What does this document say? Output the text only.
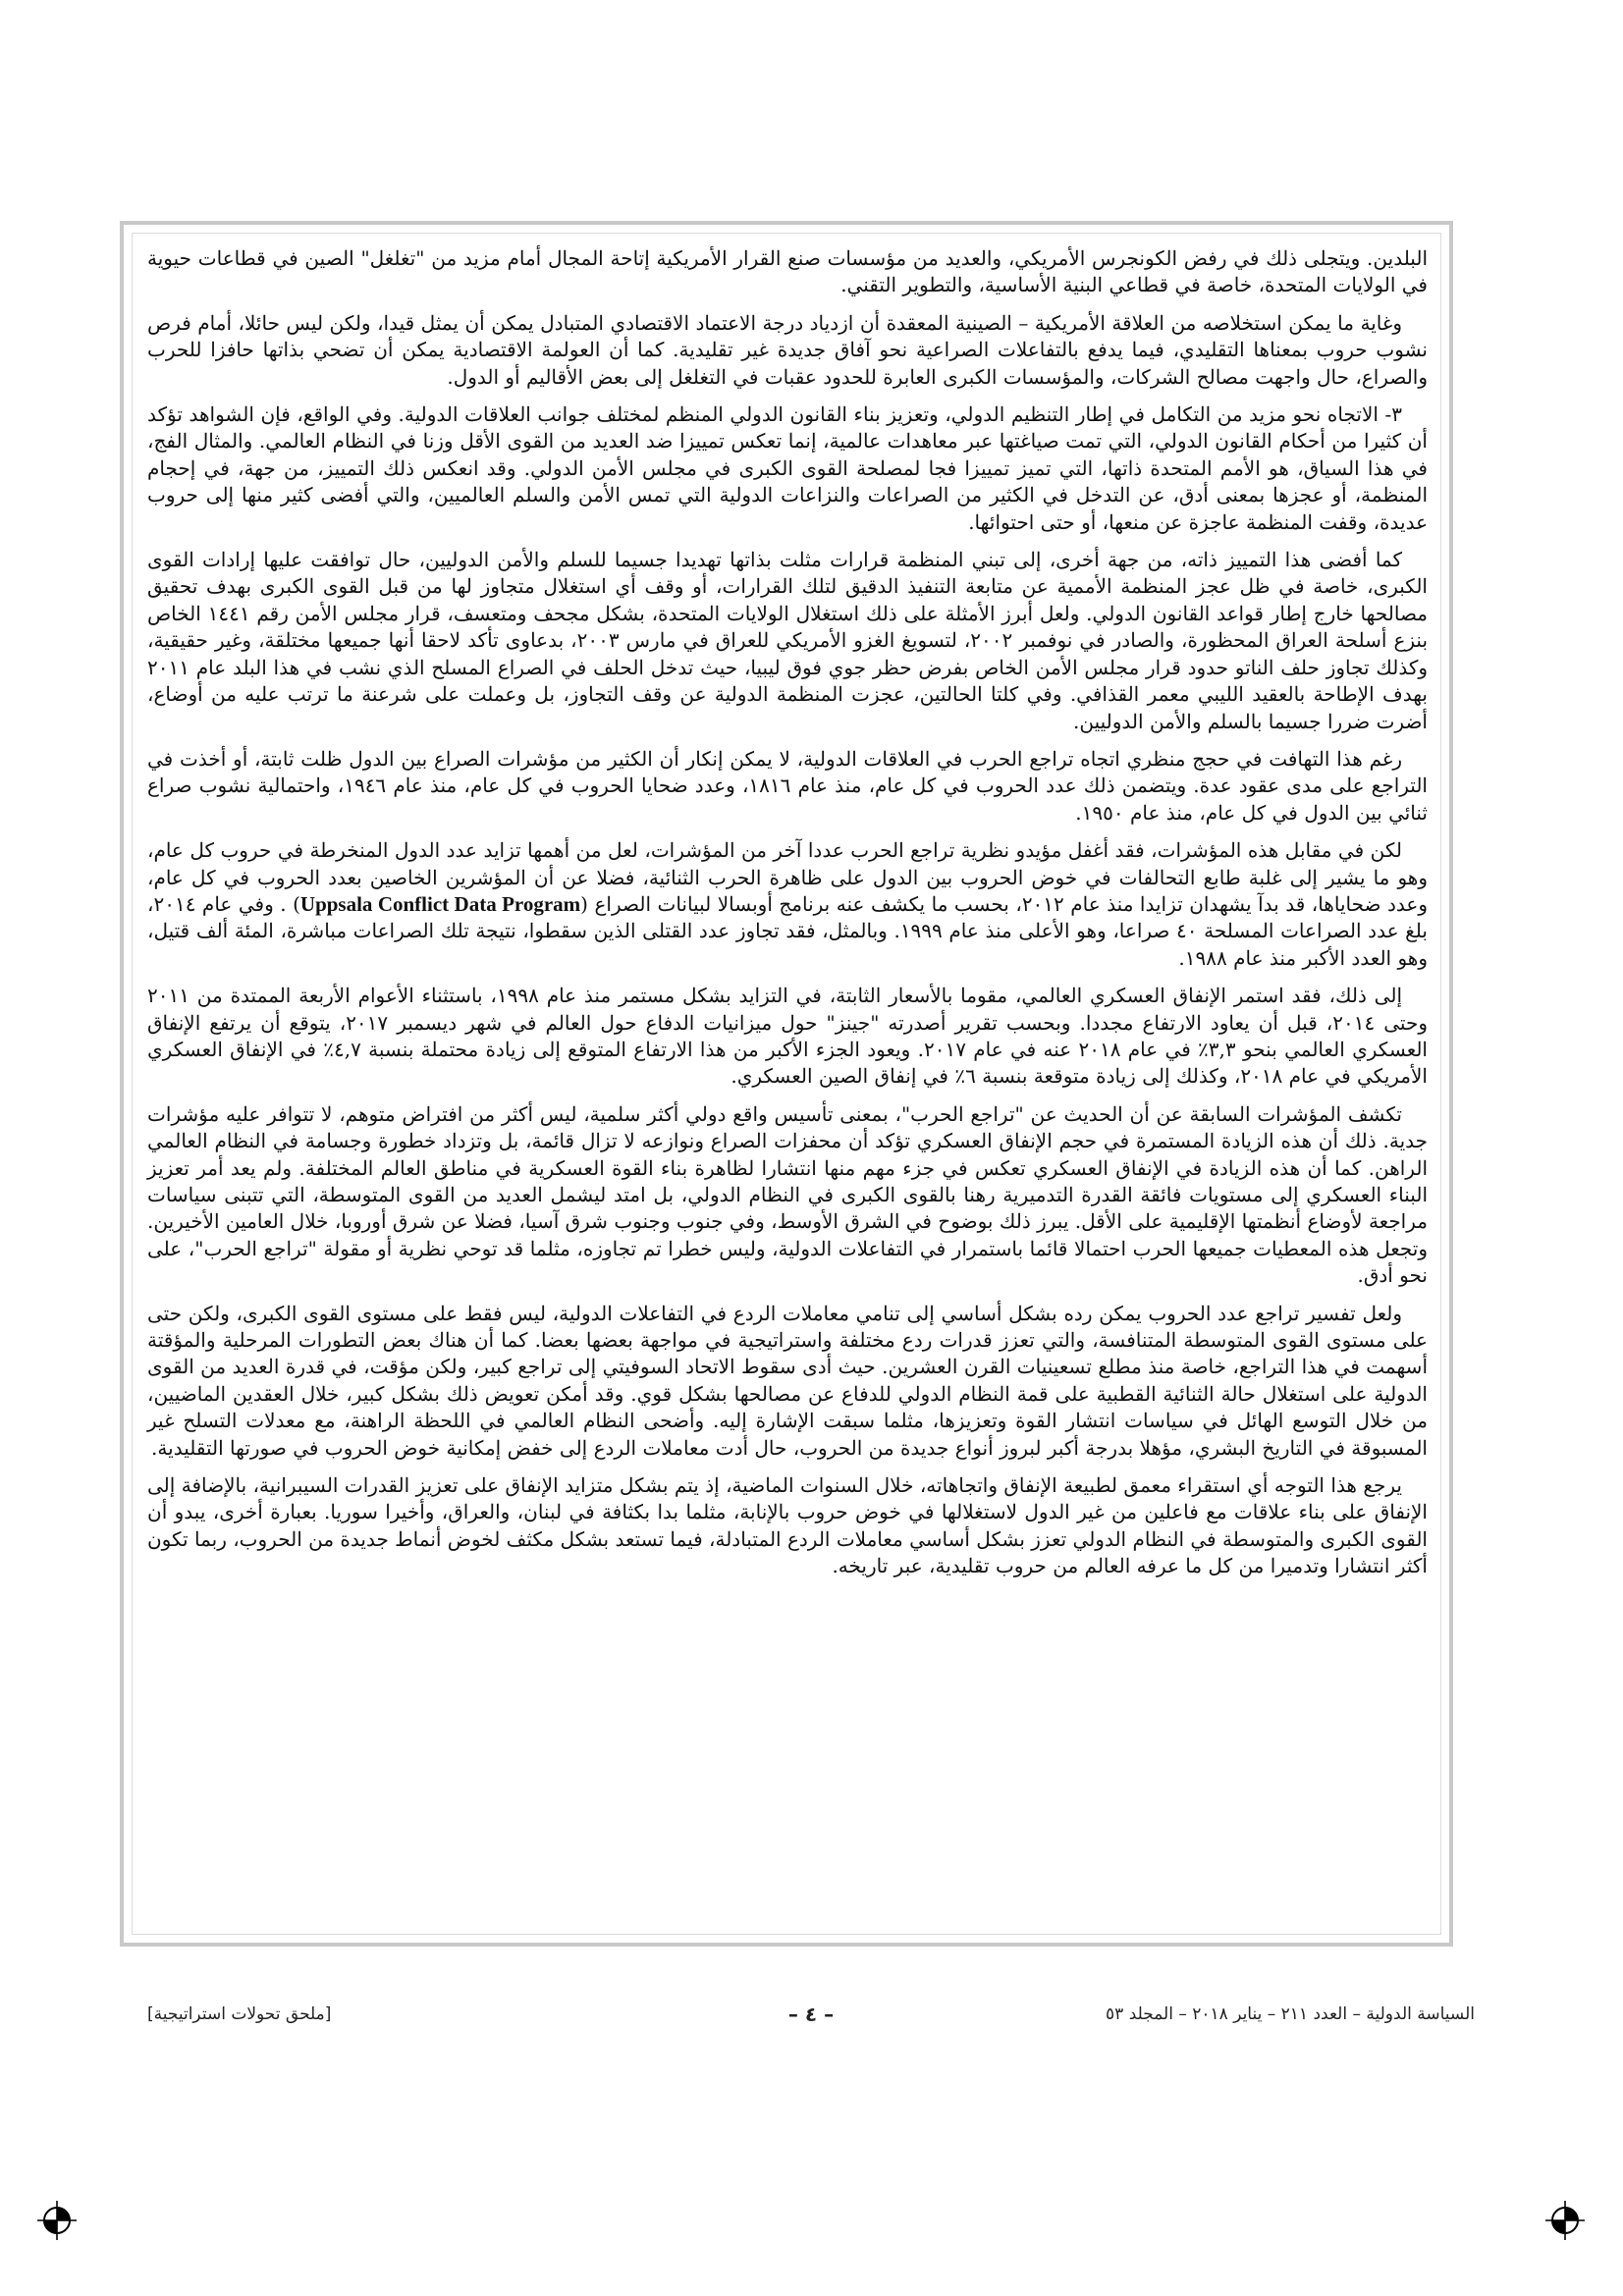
البلدين. ويتجلى ذلك في رفض الكونجرس الأمريكي، والعديد من مؤسسات صنع القرار الأمريكية إتاحة المجال أمام مزيد من "تغلغل" الصين في قطاعات حيوية في الولايات المتحدة، خاصة في قطاعي البنية الأساسية، والتطوير التقني.

وغاية ما يمكن استخلاصه من العلاقة الأمريكية – الصينية المعقدة أن ازدياد درجة الاعتماد الاقتصادي المتبادل يمكن أن يمثل قيدا، ولكن ليس حائلا، أمام فرص نشوب حروب بمعناها التقليدي، فيما يدفع بالتفاعلات الصراعية نحو آفاق جديدة غير تقليدية. كما أن العولمة الاقتصادية يمكن أن تضحي بذاتها حافزا للحرب والصراع، حال واجهت مصالح الشركات، والمؤسسات الكبرى العابرة للحدود عقبات في التغلغل إلى بعض الأقاليم أو الدول.

٣- الاتجاه نحو مزيد من التكامل في إطار التنظيم الدولي، وتعزيز بناء القانون الدولي المنظم لمختلف جوانب العلاقات الدولية. وفي الواقع، فإن الشواهد تؤكد أن كثيرا من أحكام القانون الدولي، التي تمت صياغتها عبر معاهدات عالمية، إنما تعكس تمييزا ضد العديد من القوى الأقل وزنا في النظام العالمي. والمثال الفج، في هذا السياق، هو الأمم المتحدة ذاتها، التي تميز تمييزا فجا لمصلحة القوى الكبرى في مجلس الأمن الدولي. وقد انعكس ذلك التمييز، من جهة، في إحجام المنظمة، أو عجزها بمعنى أدق، عن التدخل في الكثير من الصراعات والنزاعات الدولية التي تمس الأمن والسلم العالميين، والتي أفضى كثير منها إلى حروب عديدة، وقفت المنظمة عاجزة عن منعها، أو حتى احتوائها.

كما أفضى هذا التمييز ذاته، من جهة أخرى، إلى تبني المنظمة قرارات مثلت بذاتها تهديدا جسيما للسلم والأمن الدوليين، حال توافقت عليها إرادات القوى الكبرى، خاصة في ظل عجز المنظمة الأممية عن متابعة التنفيذ الدقيق لتلك القرارات، أو وقف أي استغلال متجاوز لها من قبل القوى الكبرى بهدف تحقيق مصالحها خارج إطار قواعد القانون الدولي. ولعل أبرز الأمثلة على ذلك استغلال الولايات المتحدة، بشكل مجحف ومتعسف، قرار مجلس الأمن رقم ١٤٤١ الخاص بنزع أسلحة العراق المحظورة، والصادر في نوفمبر ٢٠٠٢، لتسويغ الغزو الأمريكي للعراق في مارس ٢٠٠٣، بدعاوى تأكد لاحقا أنها جميعها مختلقة، وغير حقيقية، وكذلك تجاوز حلف الناتو حدود قرار مجلس الأمن الخاص بفرض حظر جوي فوق ليبيا، حيث تدخل الحلف في الصراع المسلح الذي نشب في هذا البلد عام ٢٠١١ بهدف الإطاحة بالعقيد الليبي معمر القذافي. وفي كلتا الحالتين، عجزت المنظمة الدولية عن وقف التجاوز، بل وعملت على شرعنة ما ترتب عليه من أوضاع، أضرت ضررا جسيما بالسلم والأمن الدوليين.

رغم هذا التهافت في حجج منظري اتجاه تراجع الحرب في العلاقات الدولية، لا يمكن إنكار أن الكثير من مؤشرات الصراع بين الدول ظلت ثابتة، أو أخذت في التراجع على مدى عقود عدة. ويتضمن ذلك عدد الحروب في كل عام، منذ عام ١٨١٦، وعدد ضحايا الحروب في كل عام، منذ عام ١٩٤٦، واحتمالية نشوب صراع ثنائي بين الدول في كل عام، منذ عام ١٩٥٠.

لكن في مقابل هذه المؤشرات، فقد أغفل مؤيدو نظرية تراجع الحرب عددا آخر من المؤشرات، لعل من أهمها تزايد عدد الدول المنخرطة في حروب كل عام، وهو ما يشير إلى غلبة طابع التحالفات في خوض الحروب بين الدول على ظاهرة الحرب الثنائية، فضلا عن أن المؤشرين الخاصين بعدد الحروب في كل عام، وعدد ضحاياها، قد بدآ يشهدان تزايدا منذ عام ٢٠١٢، بحسب ما يكشف عنه برنامج أوبسالا لبيانات الصراع (Uppsala Conflict Data Program) . وفي عام ٢٠١٤، بلغ عدد الصراعات المسلحة ٤٠ صراعا، وهو الأعلى منذ عام ١٩٩٩. وبالمثل، فقد تجاوز عدد القتلى الذين سقطوا، نتيجة تلك الصراعات مباشرة، المئة ألف قتيل، وهو العدد الأكبر منذ عام ١٩٨٨.

إلى ذلك، فقد استمر الإنفاق العسكري العالمي، مقوما بالأسعار الثابتة، في التزايد بشكل مستمر منذ عام ١٩٩٨، باستثناء الأعوام الأربعة الممتدة من ٢٠١١ وحتى ٢٠١٤، قبل أن يعاود الارتفاع مجددا. وبحسب تقرير أصدرته "جينز" حول ميزانيات الدفاع حول العالم في شهر ديسمبر ٢٠١٧، يتوقع أن يرتفع الإنفاق العسكري العالمي بنحو ٣,٣٪ في عام ٢٠١٨ عنه في عام ٢٠١٧. ويعود الجزء الأكبر من هذا الارتفاع المتوقع إلى زيادة محتملة بنسبة ٤,٧٪ في الإنفاق العسكري الأمريكي في عام ٢٠١٨، وكذلك إلى زيادة متوقعة بنسبة ٦٪ في إنفاق الصين العسكري.

تكشف المؤشرات السابقة عن أن الحديث عن "تراجع الحرب"، بمعنى تأسيس واقع دولي أكثر سلمية، ليس أكثر من افتراض متوهم، لا تتوافر عليه مؤشرات جدية. ذلك أن هذه الزيادة المستمرة في حجم الإنفاق العسكري تؤكد أن محفزات الصراع ونوازعه لا تزال قائمة، بل وتزداد خطورة وجسامة في النظام العالمي الراهن. كما أن هذه الزيادة في الإنفاق العسكري تعكس في جزء مهم منها انتشارا لظاهرة بناء القوة العسكرية في مناطق العالم المختلفة. ولم يعد أمر تعزيز البناء العسكري إلى مستويات فائقة القدرة التدميرية رهنا بالقوى الكبرى في النظام الدولي، بل امتد ليشمل العديد من القوى المتوسطة، التي تتبنى سياسات مراجعة لأوضاع أنظمتها الإقليمية على الأقل. يبرز ذلك بوضوح في الشرق الأوسط، وفي جنوب وجنوب شرق آسيا، فضلا عن شرق أوروبا، خلال العامين الأخيرين. وتجعل هذه المعطيات جميعها الحرب احتمالا قائما باستمرار في التفاعلات الدولية، وليس خطرا تم تجاوزه، مثلما قد توحي نظرية أو مقولة "تراجع الحرب"، على نحو أدق.

ولعل تفسير تراجع عدد الحروب يمكن رده بشكل أساسي إلى تنامي معاملات الردع في التفاعلات الدولية، ليس فقط على مستوى القوى الكبرى، ولكن حتى على مستوى القوى المتوسطة المتنافسة، والتي تعزز قدرات ردع مختلفة واستراتيجية في مواجهة بعضها بعضا. كما أن هناك بعض التطورات المرحلية والمؤقتة أسهمت في هذا التراجع، خاصة منذ مطلع تسعينيات القرن العشرين. حيث أدى سقوط الاتحاد السوفيتي إلى تراجع كبير، ولكن مؤقت، في قدرة العديد من القوى الدولية على استغلال حالة الثنائية القطبية على قمة النظام الدولي للدفاع عن مصالحها بشكل قوي. وقد أمكن تعويض ذلك بشكل كبير، خلال العقدين الماضيين، من خلال التوسع الهائل في سياسات انتشار القوة وتعزيزها، مثلما سبقت الإشارة إليه. وأضحى النظام العالمي في اللحظة الراهنة، مع معدلات التسلح غير المسبوقة في التاريخ البشري، مؤهلا بدرجة أكبر لبروز أنواع جديدة من الحروب، حال أدت معاملات الردع إلى خفض إمكانية خوض الحروب في صورتها التقليدية.

يرجع هذا التوجه أي استقراء معمق لطبيعة الإنفاق واتجاهاته، خلال السنوات الماضية، إذ يتم بشكل متزايد الإنفاق على تعزيز القدرات السيبرانية، بالإضافة إلى الإنفاق على بناء علاقات مع فاعلين من غير الدول لاستغلالها في خوض حروب بالإنابة، مثلما بدا بكثافة في لبنان، والعراق، وأخيرا سوريا. بعبارة أخرى، يبدو أن القوى الكبرى والمتوسطة في النظام الدولي تعزز بشكل أساسي معاملات الردع المتبادلة، فيما تستعد بشكل مكثف لخوض أنماط جديدة من الحروب، ربما تكون أكثر انتشارا وتدميرا من كل ما عرفه العالم من حروب تقليدية، عبر تاريخه.

السياسة الدولية – العدد ٢١١ – يناير ٢٠١٨ – المجلد ٥٣
– ٤ –
[ملحق تحولات استراتيجية]
